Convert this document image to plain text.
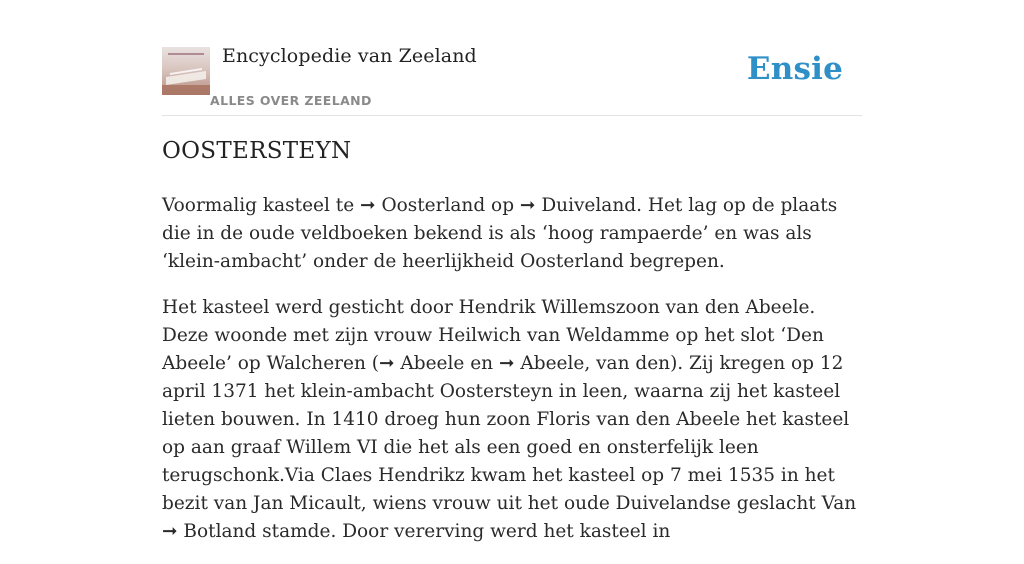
Encyclopedie van Zeeland
ALLES OVER ZEELAND
Ensie
OOSTERSTEYN

Voormalig kasteel te ➞ Oosterland op ➞ Duiveland. Het lag op de plaats die in de oude veldboeken bekend is als ‘hoog rampaerde’ en was als ‘klein-ambacht’ onder de heerlijkheid Oosterland begrepen.

Het kasteel werd gesticht door Hendrik Willemszoon van den Abeele. Deze woonde met zijn vrouw Heilwich van Weldamme op het slot ‘Den Abeele’ op Walcheren (➞ Abeele en ➞ Abeele, van den). Zij kregen op 12 april 1371 het klein-ambacht Oostersteyn in leen, waarna zij het kasteel lieten bouwen. In 1410 droeg hun zoon Floris van den Abeele het kasteel op aan graaf Willem VI die het als een goed en onsterfelijk leen terugschonk.Via Claes Hendrikz kwam het kasteel op 7 mei 1535 in het bezit van Jan Micault, wiens vrouw uit het oude Duivelandse geslacht Van ➞ Botland stamde. Door vererving werd het kasteel in
